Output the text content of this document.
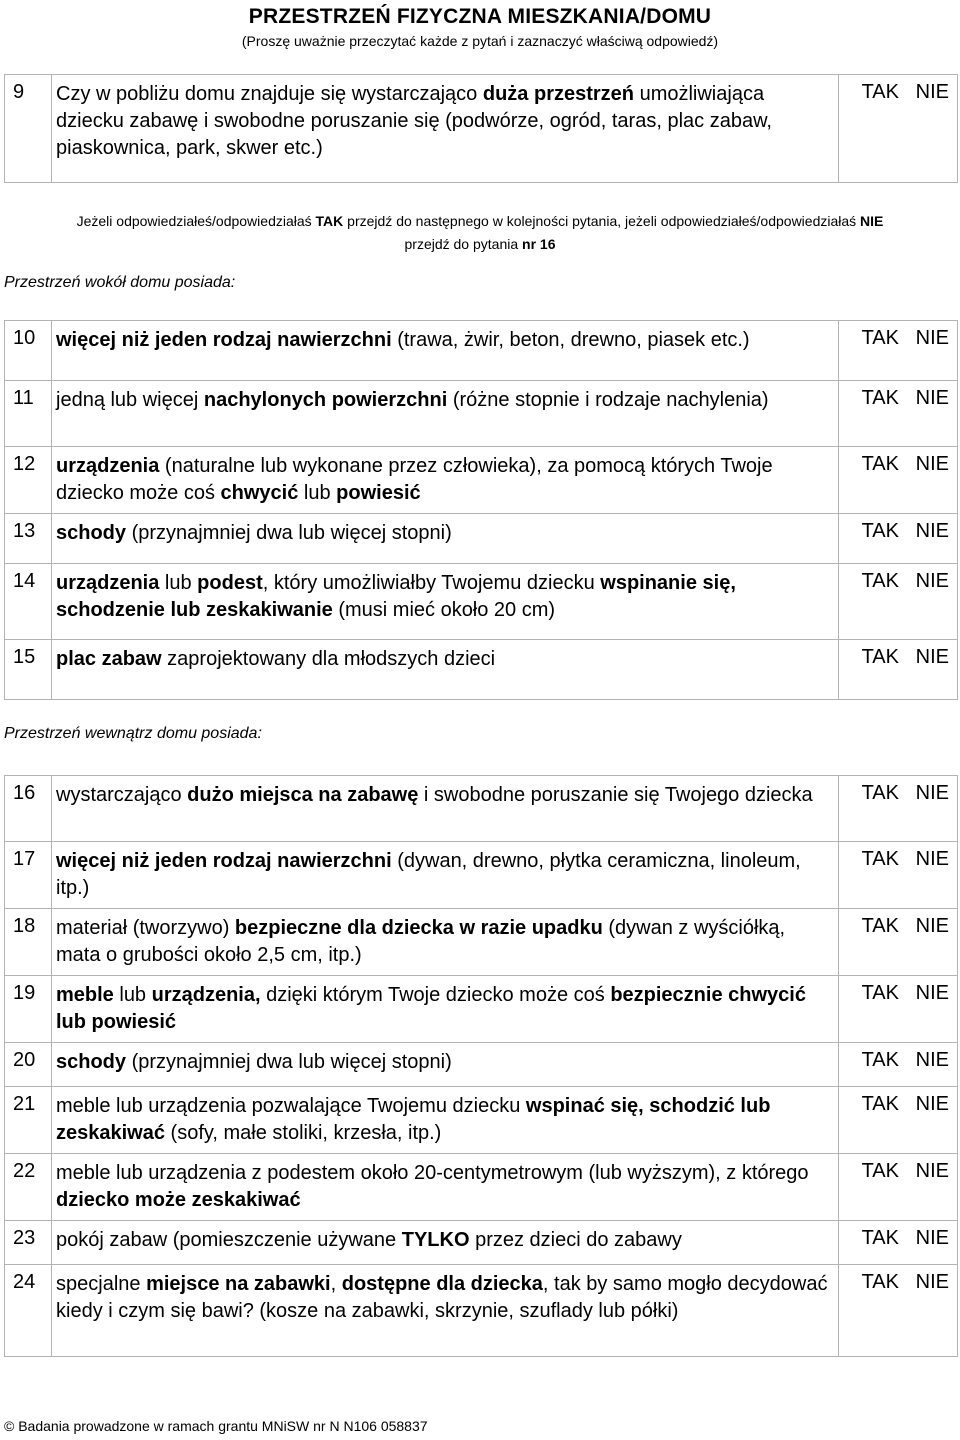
PRZESTRZEŃ FIZYCZNA MIESZKANIA/DOMU
(Proszę uważnie przeczytać każde z pytań i zaznaczyć właściwą odpowiedź)
9	Czy w pobliżu domu znajduje się wystarczająco duża przestrzeń umożliwiająca dziecku zabawę i swobodne poruszanie się (podwórze, ogród, taras, plac zabaw, piaskownica, park, skwer etc.)	TAK NIE
Jeżeli odpowiedziałeś/odpowiedziałaś TAK przejdź do następnego w kolejności pytania, jeżeli odpowiedziałeś/odpowiedziałaś NIE
przejdź do pytania nr 16
Przestrzeń wokół domu posiada:
10	więcej niż jeden rodzaj nawierzchni (trawa, żwir, beton, drewno, piasek etc.)	TAK NIE
11	jedną lub więcej nachylonych powierzchni (różne stopnie i rodzaje nachylenia)	TAK NIE
12	urządzenia (naturalne lub wykonane przez człowieka), za pomocą których Twoje dziecko może coś chwycić lub powiesić	TAK NIE
13	schody (przynajmniej dwa lub więcej stopni)	TAK NIE
14	urządzenia lub podest, który umożliwiałby Twojemu dziecku wspinanie się, schodzenie lub zeskakiwanie (musi mieć około 20 cm)	TAK NIE
15	plac zabaw zaprojektowany dla młodszych dzieci	TAK NIE
Przestrzeń wewnątrz domu posiada:
16	wystarczająco dużo miejsca na zabawę i swobodne poruszanie się Twojego dziecka	TAK NIE
17	więcej niż jeden rodzaj nawierzchni (dywan, drewno, płytka ceramiczna, linoleum, itp.)	TAK NIE
18	materiał (tworzywo) bezpieczne dla dziecka w razie upadku (dywan z wyściółką, mata o grubości około 2,5 cm, itp.)	TAK NIE
19	meble lub urządzenia, dzięki którym Twoje dziecko może coś bezpiecznie chwycić lub powiesić	TAK NIE
20	schody (przynajmniej dwa lub więcej stopni)	TAK NIE
21	meble lub urządzenia pozwalające Twojemu dziecku wspinać się, schodzić lub zeskakiwać (sofy, małe stoliki, krzesła, itp.)	TAK NIE
22	meble lub urządzenia z podestem około 20-centymetrowym (lub wyższym), z którego dziecko może zeskakiwać	TAK NIE
23	pokój zabaw (pomieszczenie używane TYLKO przez dzieci do zabawy	TAK NIE
24	specjalne miejsce na zabawki, dostępne dla dziecka, tak by samo mogło decydować kiedy i czym się bawi? (kosze na zabawki, skrzynie, szuflady lub półki)	TAK NIE
© Badania prowadzone w ramach grantu MNiSW nr N N106 058837
